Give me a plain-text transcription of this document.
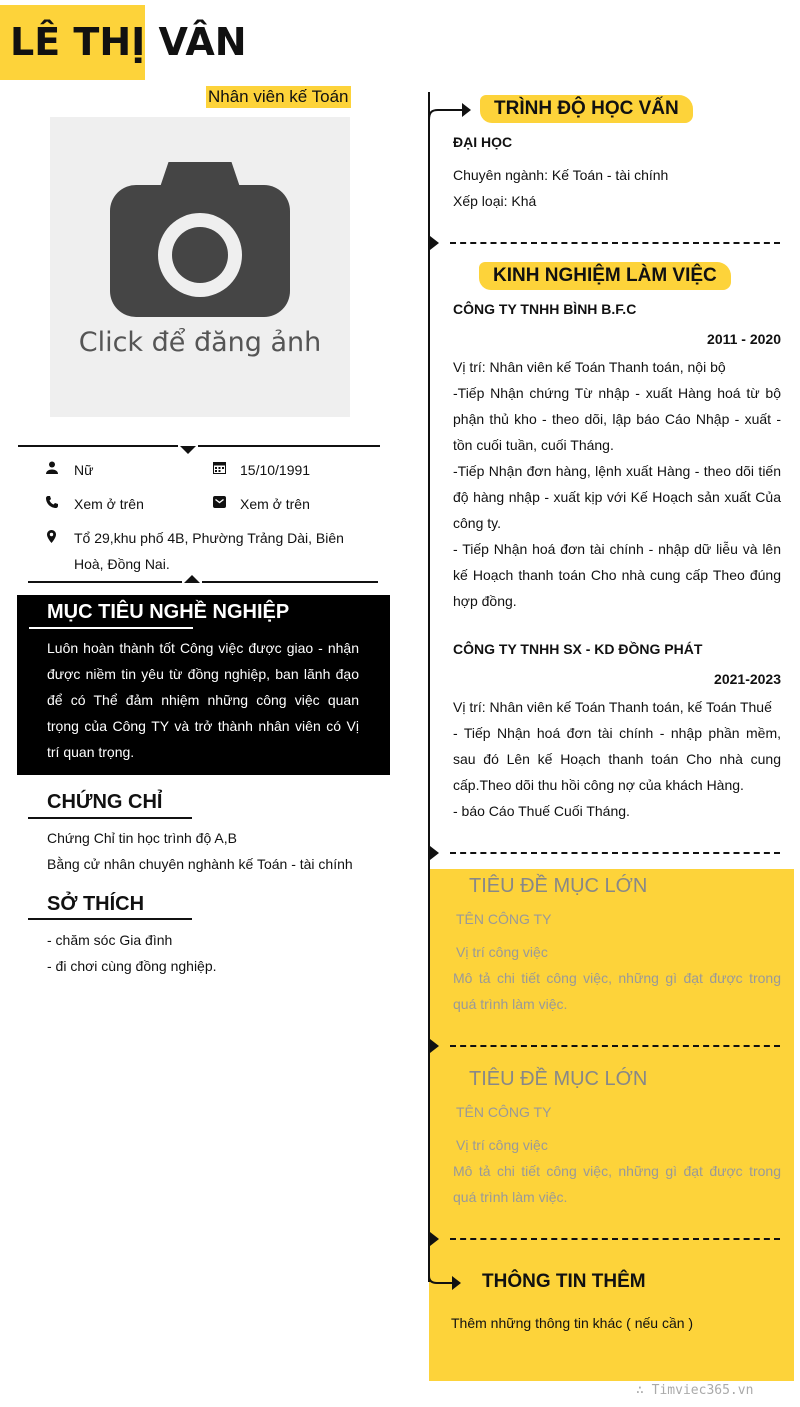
LÊ THỊ VÂN
Nhân viên kế Toán
Click để đăng ảnh
Nữ	15/10/1991
Xem ở trên	Xem ở trên
Tổ 29,khu phố 4B, Phường Trảng Dài, Biên
Hoà, Đồng Nai.
MỤC TIÊU NGHỀ NGHIỆP
Luôn hoàn thành tốt Công việc được giao - nhận được niềm tin yêu từ đồng nghiệp, ban lãnh đạo để có Thể đảm nhiệm những công việc quan trọng của Công TY và trở thành nhân viên có Vị trí quan trọng.
CHỨNG CHỈ
Chứng Chỉ tin học trình độ A,B
Bằng cử nhân chuyên nghành kế Toán - tài chính
SỞ THÍCH
- chăm sóc Gia đình
- đi chơi cùng đồng nghiệp.
TRÌNH ĐỘ HỌC VẤN
ĐẠI HỌC
Chuyên ngành: Kế Toán - tài chính
Xếp loại: Khá
KINH NGHIỆM LÀM VIỆC
CÔNG TY TNHH BÌNH B.F.C
2011 - 2020
Vị trí: Nhân viên kế Toán Thanh toán, nội bộ
-Tiếp Nhận chứng Từ nhập - xuất Hàng hoá từ bộ phận thủ kho - theo dõi, lập báo Cáo Nhập - xuất - tồn cuối tuần, cuối Tháng.
-Tiếp Nhận đơn hàng, lệnh xuất Hàng - theo dõi tiến độ hàng nhập - xuất kịp với Kế Hoạch sản xuất Của công ty.
- Tiếp Nhận hoá đơn tài chính - nhập dữ liễu và lên kế Hoạch thanh toán Cho nhà cung cấp Theo đúng hợp đồng.
CÔNG TY TNHH SX - KD ĐỒNG PHÁT
2021-2023
Vị trí: Nhân viên kế Toán Thanh toán, kế Toán Thuế
- Tiếp Nhận hoá đơn tài chính - nhập phần mềm, sau đó Lên kế Hoạch thanh toán Cho nhà cung cấp.Theo dõi thu hồi công nợ của khách Hàng.
- báo Cáo Thuế Cuối Tháng.
TIÊU ĐỀ MỤC LỚN
TÊN CÔNG TY
Vị trí công việc
Mô tả chi tiết công việc, những gì đạt được trong quá trình làm việc.
TIÊU ĐỀ MỤC LỚN
TÊN CÔNG TY
Vị trí công việc
Mô tả chi tiết công việc, những gì đạt được trong quá trình làm việc.
THÔNG TIN THÊM
Thêm những thông tin khác ( nếu cần )
∴ Timviec365.vn
